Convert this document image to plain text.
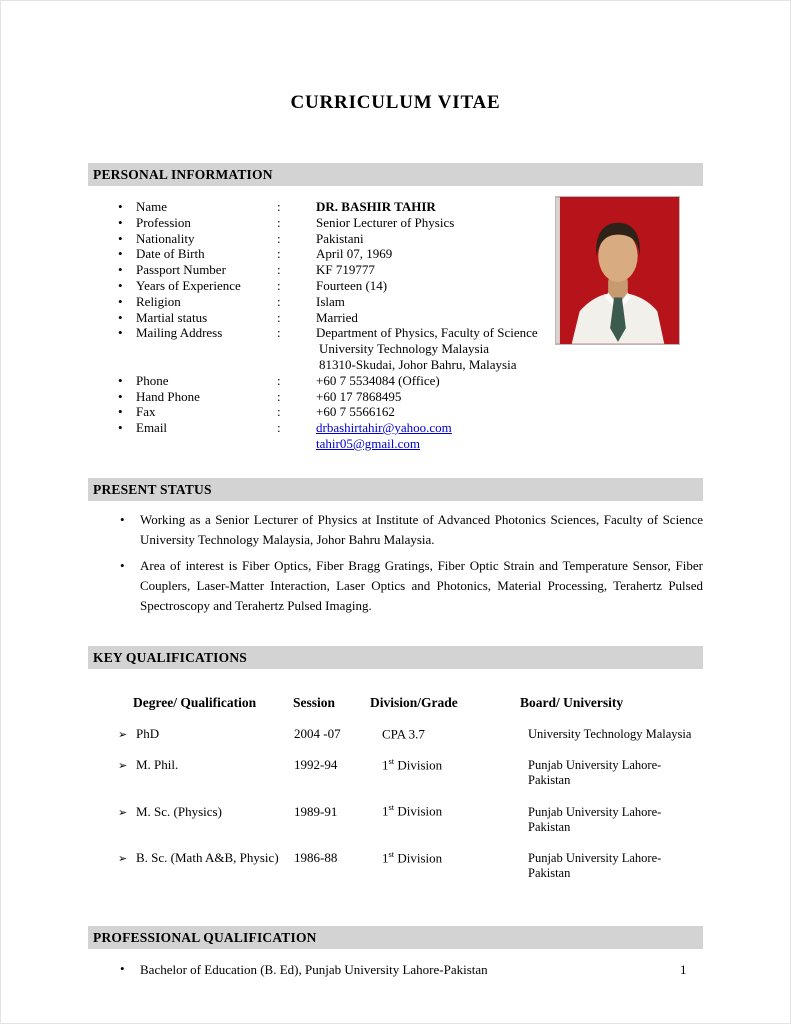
CURRICULUM VITAE
PERSONAL INFORMATION
•	Name	:	DR. BASHIR TAHIR
•	Profession	:	Senior Lecturer of Physics
•	Nationality	:	Pakistani
•	Date of Birth	:	April 07, 1969
•	Passport Number	:	KF 719777
•	Years of Experience	:	Fourteen (14)
•	Religion	:	Islam
•	Martial status	:	Married
•	Mailing Address	:	Department of Physics, Faculty of Science
University Technology Malaysia
81310-Skudai, Johor Bahru, Malaysia
•	Phone	:	+60 7 5534084 (Office)
•	Hand Phone	:	+60 17 7868495
•	Fax	:	+60 7 5566162
•	Email	:	drbashirtahir@yahoo.com
tahir05@gmail.com
PRESENT STATUS
•	Working as a Senior Lecturer of Physics at Institute of Advanced Photonics Sciences, Faculty of Science University Technology Malaysia, Johor Bahru Malaysia.

•	Area of interest is Fiber Optics, Fiber Bragg Gratings, Fiber Optic Strain and Temperature Sensor, Fiber Couplers, Laser-Matter Interaction, Laser Optics and Photonics, Material Processing, Terahertz Pulsed Spectroscopy and Terahertz Pulsed Imaging.

KEY QUALIFICATIONS
Degree/ Qualification	Session	Division/Grade	Board/ University
➢ PhD	2004 -07	CPA 3.7	University Technology Malaysia
➢ M. Phil.	1992-94	1st Division	Punjab University Lahore-Pakistan
➢ M. Sc. (Physics)	1989-91	1st Division	Punjab University Lahore-Pakistan
➢ B. Sc. (Math A&B, Physic)	1986-88	1st Division	Punjab University Lahore-Pakistan
PROFESSIONAL QUALIFICATION
•	Bachelor of Education (B. Ed), Punjab University Lahore-Pakistan	1
